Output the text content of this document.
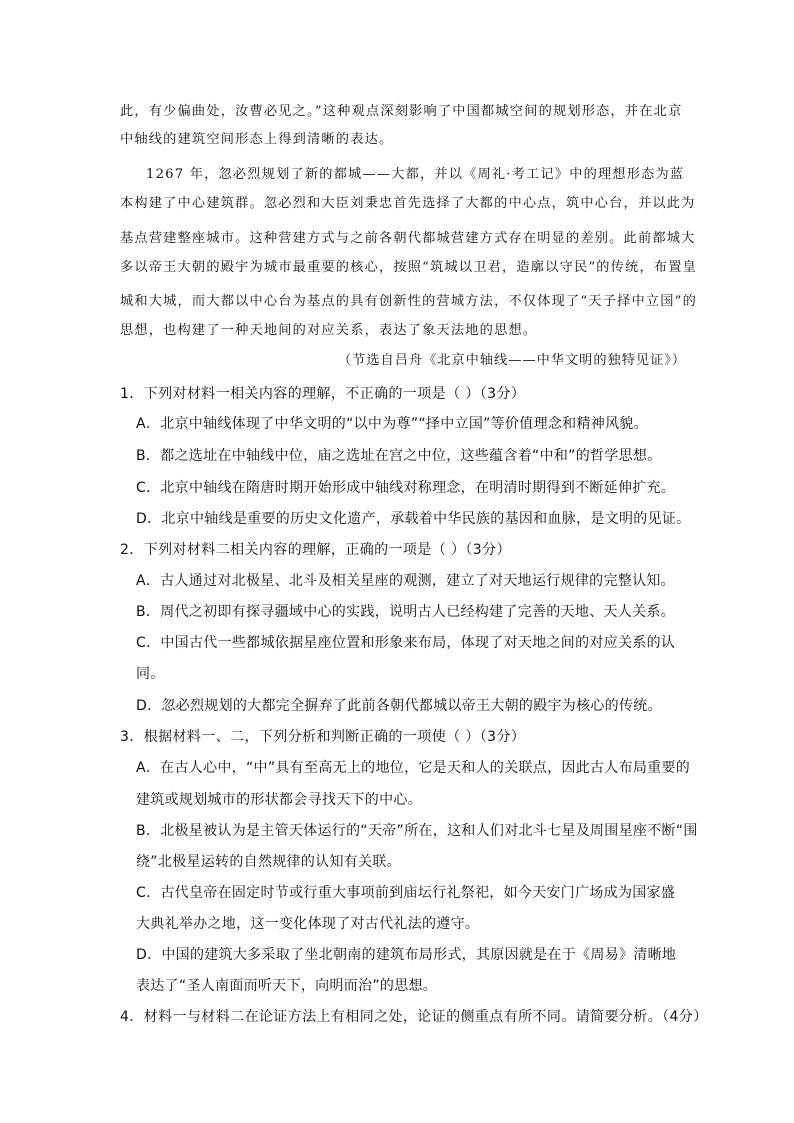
此，有少偏曲处，汝曹必见之。”这种观点深刻影响了中国都城空间的规划形态，并在北京
中轴线的建筑空间形态上得到清晰的表达。
1267 年，忽必烈规划了新的都城——大都，并以《周礼·考工记》中的理想形态为蓝
本构建了中心建筑群。忽必烈和大臣刘秉忠首先选择了大都的中心点，筑中心台，并以此为
基点营建整座城市。这种营建方式与之前各朝代都城营建方式存在明显的差别。此前都城大
多以帝王大朝的殿宇为城市最重要的核心，按照“筑城以卫君，造廓以守民”的传统，布置皇
城和大城，而大都以中心台为基点的具有创新性的营城方法，不仅体现了“天子择中立国”的
思想，也构建了一种天地间的对应关系，表达了象天法地的思想。
（节选自吕舟《北京中轴线——中华文明的独特见证》）
1．下列对材料一相关内容的理解，不正确的一项是（ ）（3分）
A．北京中轴线体现了中华文明的“以中为尊”“择中立国”等价值理念和精神风貌。
B．都之选址在中轴线中位，庙之选址在宫之中位，这些蕴含着“中和”的哲学思想。
C．北京中轴线在隋唐时期开始形成中轴线对称理念，在明清时期得到不断延伸扩充。
D．北京中轴线是重要的历史文化遗产，承载着中华民族的基因和血脉，是文明的见证。
2．下列对材料二相关内容的理解，正确的一项是（ ）（3分）
A．古人通过对北极星、北斗及相关星座的观测，建立了对天地运行规律的完整认知。
B．周代之初即有探寻疆域中心的实践，说明古人已经构建了完善的天地、天人关系。
C．中国古代一些都城依据星座位置和形象来布局，体现了对天地之间的对应关系的认
同。
D．忽必烈规划的大都完全摒弃了此前各朝代都城以帝王大朝的殿宇为核心的传统。
3．根据材料一、二，下列分析和判断正确的一项使（ ）（3分）
A．在古人心中，“中”具有至高无上的地位，它是天和人的关联点，因此古人布局重要的
建筑或规划城市的形状都会寻找天下的中心。
B．北极星被认为是主管天体运行的“天帝”所在，这和人们对北斗七星及周围星座不断“围
绕”北极星运转的自然规律的认知有关联。
C．古代皇帝在固定时节或行重大事项前到庙坛行礼祭祀，如今天安门广场成为国家盛
大典礼举办之地，这一变化体现了对古代礼法的遵守。
D．中国的建筑大多采取了坐北朝南的建筑布局形式，其原因就是在于《周易》清晰地
表达了“圣人南面而听天下，向明而治”的思想。
4．材料一与材料二在论证方法上有相同之处，论证的侧重点有所不同。请简要分析。（4分）
